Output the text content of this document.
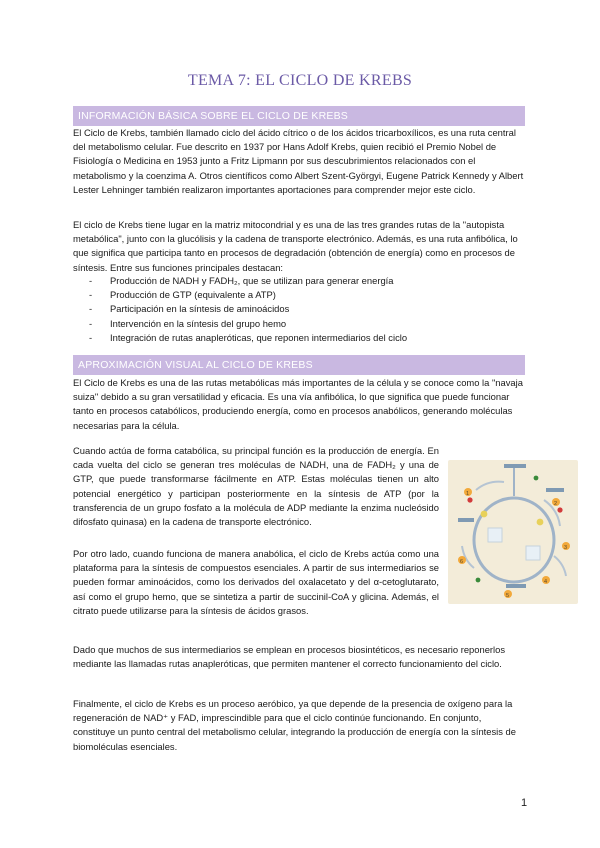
TEMA 7: EL CICLO DE KREBS
INFORMACIÓN BÁSICA SOBRE EL CICLO DE KREBS

El Ciclo de Krebs, también llamado ciclo del ácido cítrico o de los ácidos tricarboxílicos, es una ruta central del metabolismo celular. Fue descrito en 1937 por Hans Adolf Krebs, quien recibió el Premio Nobel de Fisiología o Medicina en 1953 junto a Fritz Lipmann por sus descubrimientos relacionados con el metabolismo y la coenzima A. Otros científicos como Albert Szent-Györgyi, Eugene Patrick Kennedy y Albert Lester Lehninger también realizaron importantes aportaciones para comprender mejor este ciclo.

El ciclo de Krebs tiene lugar en la matriz mitocondrial y es una de las tres grandes rutas de la "autopista metabólica", junto con la glucólisis y la cadena de transporte electrónico. Además, es una ruta anfibólica, lo que significa que participa tanto en procesos de degradación (obtención de energía) como en procesos de síntesis. Entre sus funciones principales destacan:

- Producción de NADH y FADH₂, que se utilizan para generar energía
- Producción de GTP (equivalente a ATP)
- Participación en la síntesis de aminoácidos
- Intervención en la síntesis del grupo hemo
- Integración de rutas anapleróticas, que reponen intermediarios del ciclo
APROXIMACIÓN VISUAL AL CICLO DE KREBS

El Ciclo de Krebs es una de las rutas metabólicas más importantes de la célula y se conoce como la "navaja suiza" debido a su gran versatilidad y eficacia. Es una vía anfibólica, lo que significa que puede funcionar tanto en procesos catabólicos, produciendo energía, como en procesos anabólicos, generando moléculas necesarias para la célula.

Cuando actúa de forma catabólica, su principal función es la producción de energía. En cada vuelta del ciclo se generan tres moléculas de NADH, una de FADH₂ y una de GTP, que puede transformarse fácilmente en ATP. Estas moléculas tienen un alto potencial energético y participan posteriormente en la síntesis de ATP (por la transferencia de un grupo fosfato a la molécula de ADP mediante la enzima nucleósido difosfato quinasa) en la cadena de transporte electrónico.

Por otro lado, cuando funciona de manera anabólica, el ciclo de Krebs actúa como una plataforma para la síntesis de compuestos esenciales. A partir de sus intermediarios se pueden formar aminoácidos, como los derivados del oxalacetato y del α-cetoglutarato, así como el grupo hemo, que se sintetiza a partir de succinil-CoA y glicina. Además, el citrato puede utilizarse para la síntesis de ácidos grasos.

Dado que muchos de sus intermediarios se emplean en procesos biosintéticos, es necesario reponerlos mediante las llamadas rutas anapleróticas, que permiten mantener el correcto funcionamiento del ciclo.

Finalmente, el ciclo de Krebs es un proceso aeróbico, ya que depende de la presencia de oxígeno para la regeneración de NAD⁺ y FAD, imprescindible para que el ciclo continúe funcionando. En conjunto, constituye un punto central del metabolismo celular, integrando la producción de energía con la síntesis de biomoléculas esenciales.

1
2
3
4
5
6
1
